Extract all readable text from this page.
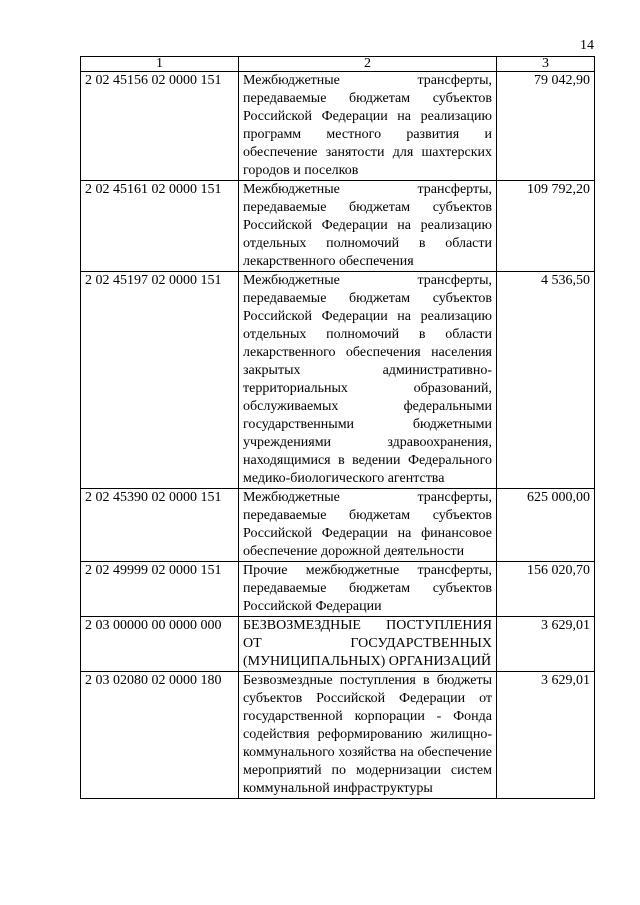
14
1	2	3
2 02 45156 02 0000 151	Межбюджетные трансферты, передаваемые бюджетам субъектов Российской Федерации на реализацию программ местного развития и обеспечение занятости для шахтерских городов и поселков	79 042,90
2 02 45161 02 0000 151	Межбюджетные трансферты, передаваемые бюджетам субъектов Российской Федерации на реализацию отдельных полномочий в области лекарственного обеспечения	109 792,20
2 02 45197 02 0000 151	Межбюджетные трансферты, передаваемые бюджетам субъектов Российской Федерации на реализацию отдельных полномочий в области лекарственного обеспечения населения закрытых административно-территориальных образований, обслуживаемых федеральными государственными бюджетными учреждениями здравоохранения, находящимися в ведении Федерального медико-биологического агентства	4 536,50
2 02 45390 02 0000 151	Межбюджетные трансферты, передаваемые бюджетам субъектов Российской Федерации на финансовое обеспечение дорожной деятельности	625 000,00
2 02 49999 02 0000 151	Прочие межбюджетные трансферты, передаваемые бюджетам субъектов Российской Федерации	156 020,70
2 03 00000 00 0000 000	БЕЗВОЗМЕЗДНЫЕ ПОСТУПЛЕНИЯ ОТ ГОСУДАРСТВЕННЫХ (МУНИЦИПАЛЬНЫХ) ОРГАНИЗАЦИЙ	3 629,01
2 03 02080 02 0000 180	Безвозмездные поступления в бюджеты субъектов Российской Федерации от государственной корпорации - Фонда содействия реформированию жилищно-коммунального хозяйства на обеспечение мероприятий по модернизации систем коммунальной инфраструктуры	3 629,01
